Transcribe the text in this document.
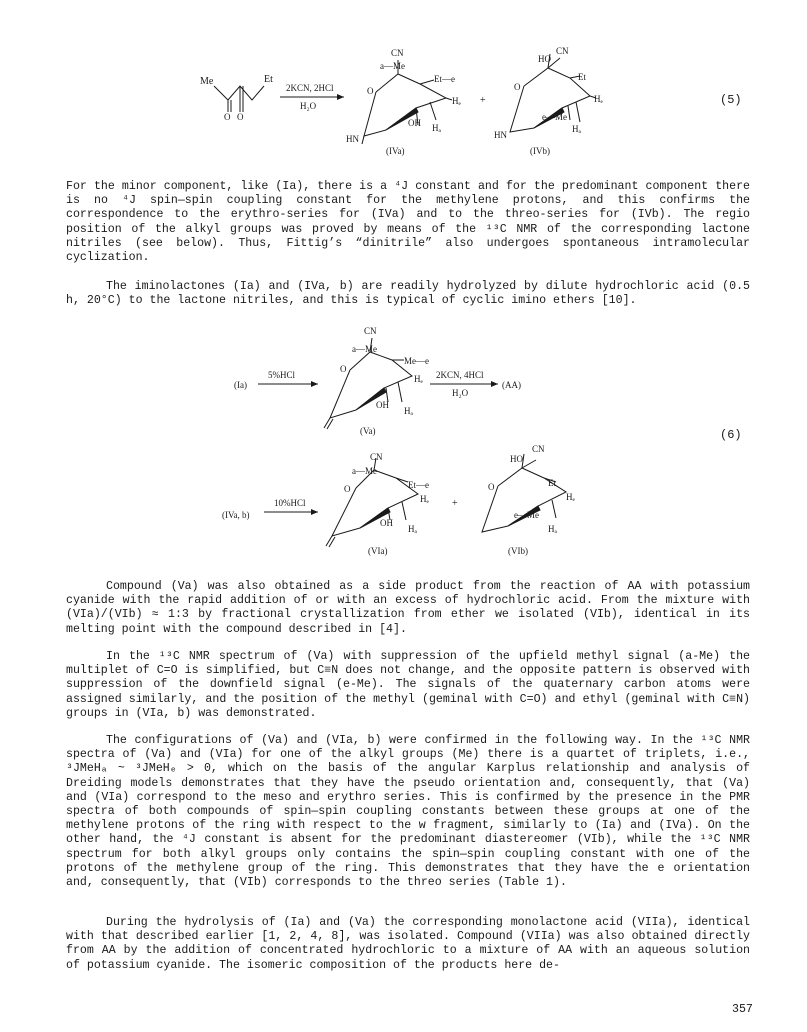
Me	Et
O O
2KCN, 2HCl
H₂O
CN
a—Me
O
Et—e
Hₑ
OH Hₐ
HN
(IVa)
+
HO
CN
O
Et
Hₑ
e—Me
Hₐ
HN
(IVb)
(5)

For the minor component, like (Ia), there is a ⁴J constant and for the predominant component there is no ⁴J spin—spin coupling constant for the methylene protons, and this confirms the correspondence to the erythro-series for (IVa) and to the threo-series for (IVb). The regio position of the alkyl groups was proved by means of the ¹³C NMR of the corresponding lactone nitriles (see below). Thus, Fittig’s “dinitrile” also undergoes spontaneous intramolecular cyclization.

The iminolactones (Ia) and (IVa, b) are readily hydrolyzed by dilute hydrochloric acid (0.5 h, 20°C) to the lactone nitriles, and this is typical of cyclic imino ethers [10].

(Ia)
5%HCl
CN
a—Me
Me—e
O
Hₑ
OH
Hₐ
(Va)
2KCN, 4HCl
H₂O
(AA)
(6)
(IVa, b)
10%HCl
CN
a—Me
Et—e
O
Hₑ
OH
Hₐ
(VIa)
+
HO
CN
O	Et
Hₑ
e—Me
Hₐ
(VIb)

Compound (Va) was also obtained as a side product from the reaction of AA with potassium cyanide with the rapid addition of or with an excess of hydrochloric acid. From the mixture with (VIa)/(VIb) ≈ 1:3 by fractional crystallization from ether we isolated (VIb), identical in its melting point with the compound described in [4].

In the ¹³C NMR spectrum of (Va) with suppression of the upfield methyl signal (a-Me) the multiplet of C=O is simplified, but C≡N does not change, and the opposite pattern is observed with suppression of the downfield signal (e-Me). The signals of the quaternary carbon atoms were assigned similarly, and the position of the methyl (geminal with C=O) and ethyl (geminal with C≡N) groups in (VIa, b) was demonstrated.

The configurations of (Va) and (VIa, b) were confirmed in the following way. In the ¹³C NMR spectra of (Va) and (VIa) for one of the alkyl groups (Me) there is a quartet of triplets, i.e., ³JMeHₐ ~ ³JMeHₑ > 0, which on the basis of the angular Karplus relationship and analysis of Dreiding models demonstrates that they have the pseudo orientation and, consequently, that (Va) and (VIa) correspond to the meso and erythro series. This is confirmed by the presence in the PMR spectra of both compounds of spin—spin coupling constants between these groups at one of the methylene protons of the ring with respect to the w fragment, similarly to (Ia) and (IVa). On the other hand, the ⁴J constant is absent for the predominant diastereomer (VIb), while the ¹³C NMR spectrum for both alkyl groups only contains the spin—spin coupling constant with one of the protons of the methylene group of the ring. This demonstrates that they have the e orientation and, consequently, that (VIb) corresponds to the threo series (Table 1).

During the hydrolysis of (Ia) and (Va) the corresponding monolactone acid (VIIa), identical with that described earlier [1, 2, 4, 8], was isolated. Compound (VIIa) was also obtained directly from AA by the addition of concentrated hydrochloric to a mixture of AA with an aqueous solution of potassium cyanide. The isomeric composition of the products here de-

357
